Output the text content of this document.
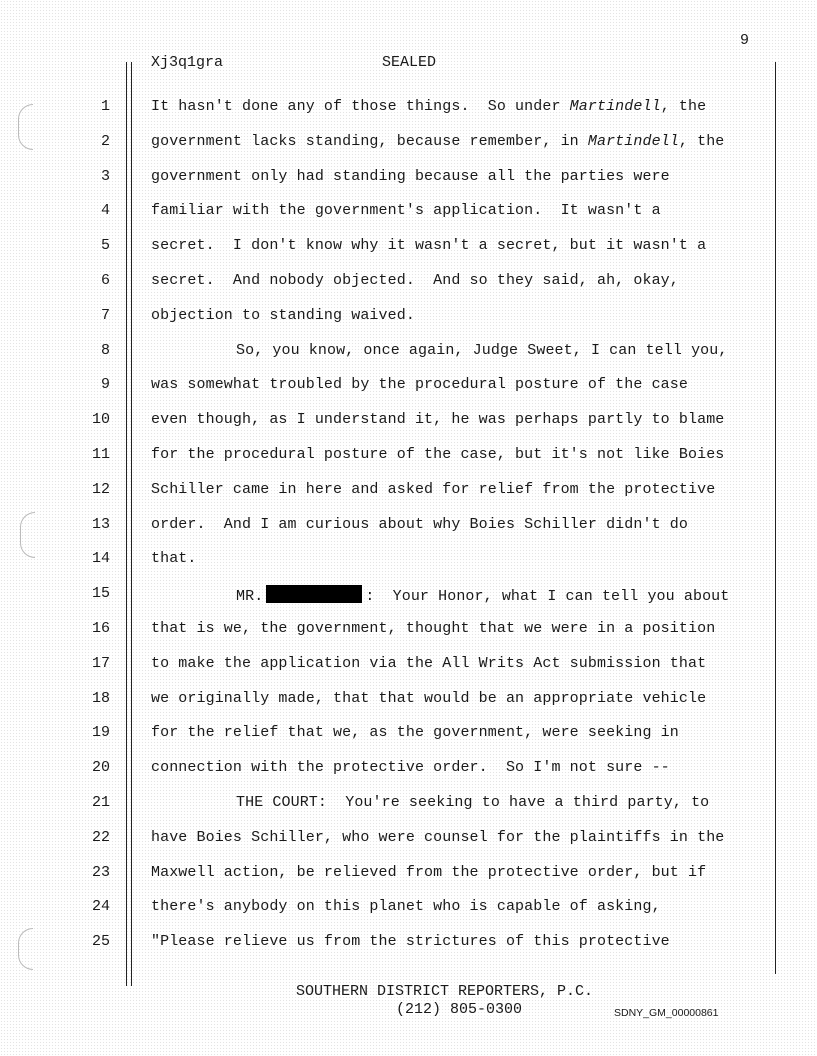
9
Xj3q1gra	SEALED
1	It hasn't done any of those things.  So under Martindell, the
2	government lacks standing, because remember, in Martindell, the
3	government only had standing because all the parties were
4	familiar with the government's application.  It wasn't a
5	secret.  I don't know why it wasn't a secret, but it wasn't a
6	secret.  And nobody objected.  And so they said, ah, okay,
7	objection to standing waived.
8	So, you know, once again, Judge Sweet, I can tell you,
9	was somewhat troubled by the procedural posture of the case
10	even though, as I understand it, he was perhaps partly to blame
11	for the procedural posture of the case, but it's not like Boies
12	Schiller came in here and asked for relief from the protective
13	order.  And I am curious about why Boies Schiller didn't do
14	that.
15	MR.	:  Your Honor, what I can tell you about
16	that is we, the government, thought that we were in a position
17	to make the application via the All Writs Act submission that
18	we originally made, that that would be an appropriate vehicle
19	for the relief that we, as the government, were seeking in
20	connection with the protective order.  So I'm not sure --
21	THE COURT:  You're seeking to have a third party, to
22	have Boies Schiller, who were counsel for the plaintiffs in the
23	Maxwell action, be relieved from the protective order, but if
24	there's anybody on this planet who is capable of asking,
25	"Please relieve us from the strictures of this protective
SOUTHERN DISTRICT REPORTERS, P.C.
(212) 805-0300	SDNY_GM_00000861
